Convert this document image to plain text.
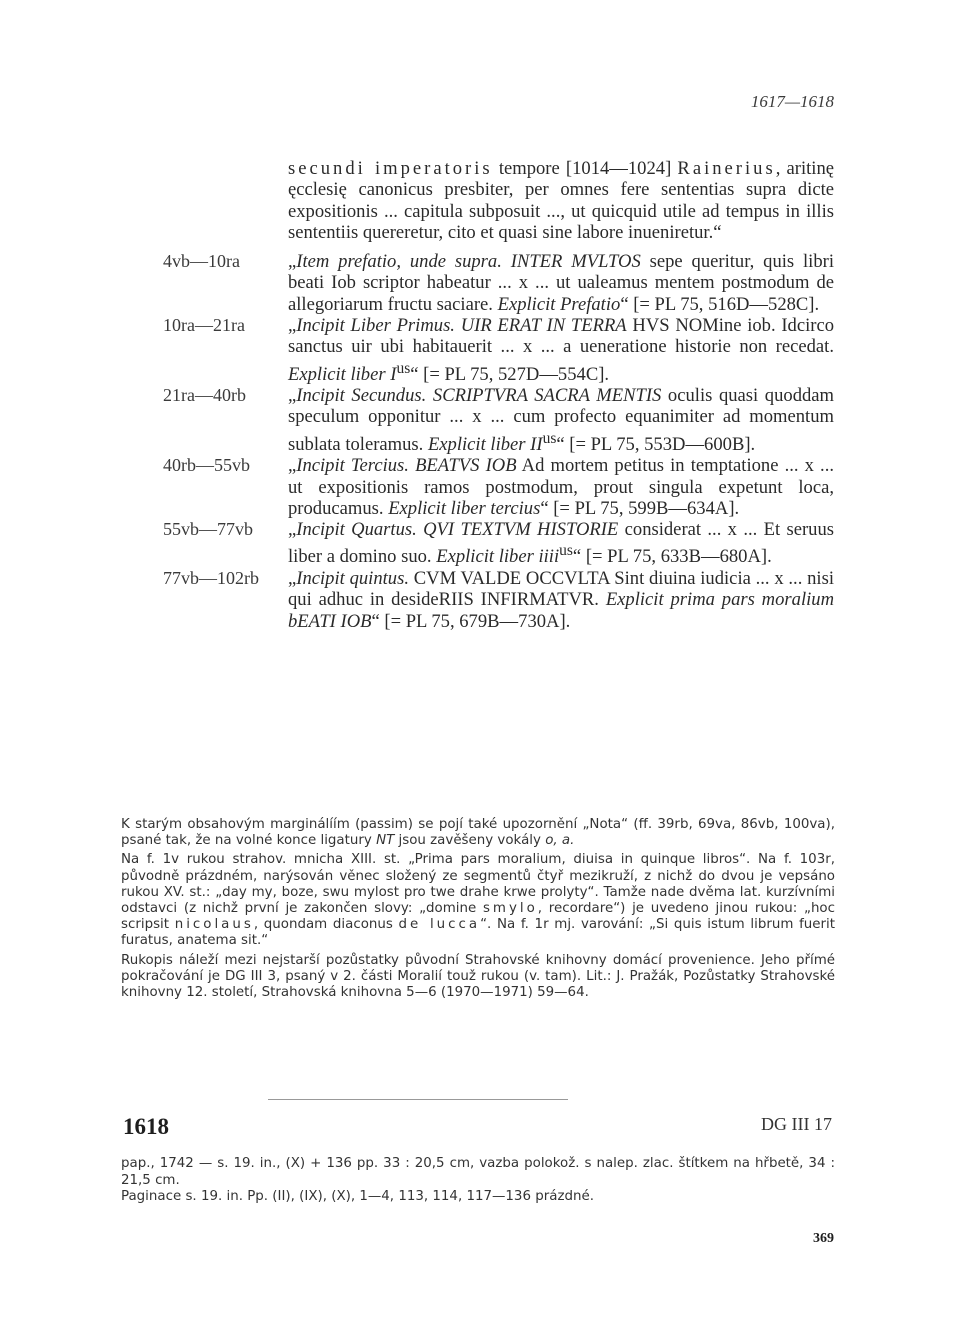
1617—1618
secundi imperatoris tempore [1014—1024] Rainerius, aritinę ęcclesię canonicus presbiter, per omnes fere sententias supra dicte expositionis ... capitula subposuit ..., ut quicquid utile ad tempus in illis sententiis quereretur, cito et quasi sine labore inueniretur.“
4vb—10ra	„Item prefatio, unde supra. INTER MVLTOS sepe queritur, quis libri beati Iob scriptor habeatur ... x ... ut ualeamus mentem postmodum de allegoriarum fructu saciare. Explicit Prefatio“ [= PL 75, 516D—528C].
10ra—21ra	„Incipit Liber Primus. UIR ERAT IN TERRA HVS NOMine iob. Idcirco sanctus uir ubi habitauerit ... x ... a ueneratione historie non recedat. Explicit liber $I^{us}“$ [= PL 75, 527D—554C].
21ra—40rb	„Incipit Secundus. SCRIPTVRA SACRA MENTIS oculis quasi quoddam speculum opponitur ... x ... cum profecto equanimiter ad momentum sublata toleramus. Explicit liber $II^{us}“$ [= PL 75, 553D—600B].
40rb—55vb	„Incipit Tercius. BEATVS IOB Ad mortem petitus in temptatione ... x ... ut expositionis ramos postmodum, prout singula expetunt loca, producamus. Explicit liber tercius“ [= PL 75, 599B—634A].
55vb—77vb	„Incipit Quartus. QVI TEXTVM HISTORIE considerat ... x ... Et seruus liber a domino suo. Explicit liber iiii$^{us}$“ [= PL 75, 633B—680A].
77vb—102rb	„Incipit quintus. CVM VALDE OCCVLTA Sint diuina iudicia ... x ... nisi qui adhuc in desideRIIS INFIRMATVR. Explicit prima pars moralium bEATI IOB“ [= PL 75, 679B—730A].

K starým obsahovým marginálíím (passim) se pojí také upozornění „Nota“ (ff. 39rb, 69va, 86vb, 100va), psané tak, že na volné konce ligatury NT jsou zavěšeny vokály o, a.

Na f. 1v rukou strahov. mnicha XIII. st. „Prima pars moralium, diuisa in quinque libros“. Na f. 103r, původně prázdném, narýsován věnec složený ze segmentů čtyř mezikruží, z nichž do dvou je vepsáno rukou XV. st.: „day my, boze, swu mylost pro twe drahe krwe prolyty“. Tamže nade dvěma lat. kurzívními odstavci (z nichž první je zakončen slovy: „domine smylo, recordare“) je uvedeno jinou rukou: „hoc scripsit nicolaus, quondam diaconus de lucca“. Na f. 1r mj. varování: „Si quis istum librum fuerit furatus, anatema sit.“

Rukopis náleží mezi nejstarší pozůstatky původní Strahovské knihovny domácí provenience. Jeho přímé pokračování je DG III 3, psaný v 2. části Moralií touž rukou (v. tam). Lit.: J. Pražák, Pozůstatky Strahovské knihovny 12. století, Strahovská knihovna 5—6 (1970—1971) 59—64.

1618	DG III 17

pap., 1742 — s. 19. in., (X) + 136 pp. 33 : 20,5 cm, vazba polokož. s nalep. zlac. štítkem na hřbetě, 34 : 21,5 cm.

Paginace s. 19. in. Pp. (II), (IX), (X), 1—4, 113, 114, 117—136 prázdné.

369
